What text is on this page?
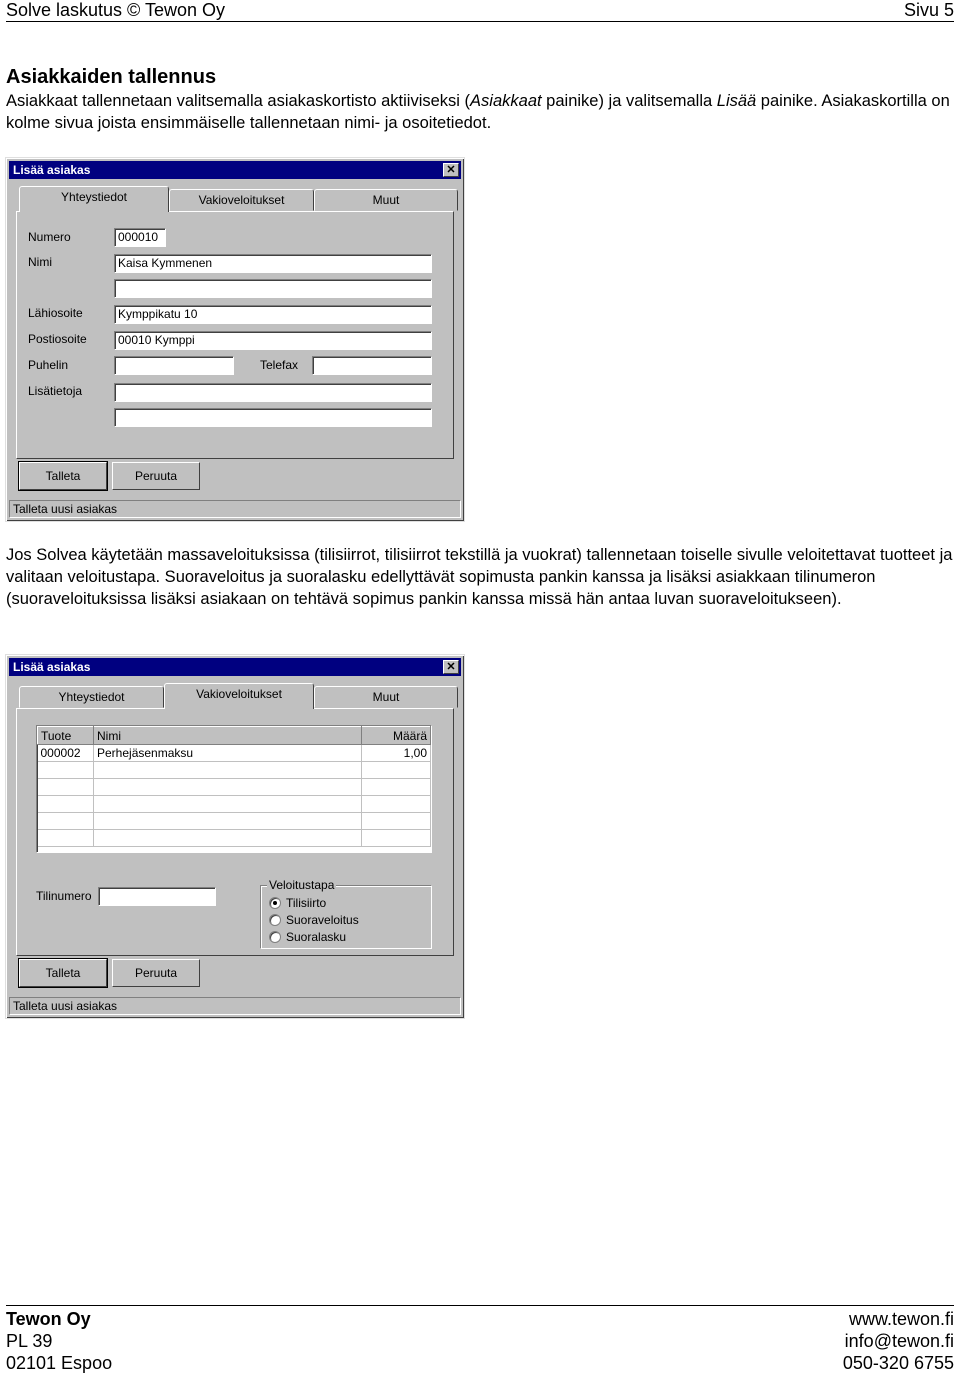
Solve laskutus © Tewon Oy	Sivu 5
Asiakkaiden tallennus
Asiakkaat tallennetaan valitsemalla asiakaskortisto aktiiviseksi (Asiakkaat painike) ja valitsemalla Lisää painike. Asiakaskortilla on kolme sivua joista ensimmäiselle tallennetaan nimi- ja osoitetiedot.
Lisää asiakas	✕
Yhteystiedot	Vakioveloitukset	Muut
Numero	000010
Nimi	Kaisa Kymmenen
Lähiosoite	Kymppikatu 10
Postiosoite	00010 Kymppi
Puhelin	Telefax
Lisätietoja
Talleta	Peruuta
Talleta uusi asiakas
Jos Solvea käytetään massaveloituksissa (tilisiirrot, tilisiirrot tekstillä ja vuokrat) tallennetaan toiselle sivulle veloitettavat tuotteet ja valitaan veloitustapa. Suoraveloitus ja suoralasku edellyttävät sopimusta pankin kanssa ja lisäksi asiakkaan tilinumeron (suoraveloituksissa lisäksi asiakaan on tehtävä sopimus pankin kanssa missä hän antaa luvan suoraveloitukseen).
Lisää asiakas	✕
Yhteystiedot	Vakioveloitukset	Muut
Tuote	Nimi	Määrä
000002	Perhejäsenmaksu	1,00

Tilinumero
Veloitustapa
Tilisiirto
Suoraveloitus
Suoralasku
Talleta	Peruuta
Talleta uusi asiakas
Tewon Oy
PL 39
02101 Espoo
www.tewon.fi
info@tewon.fi
050-320 6755
